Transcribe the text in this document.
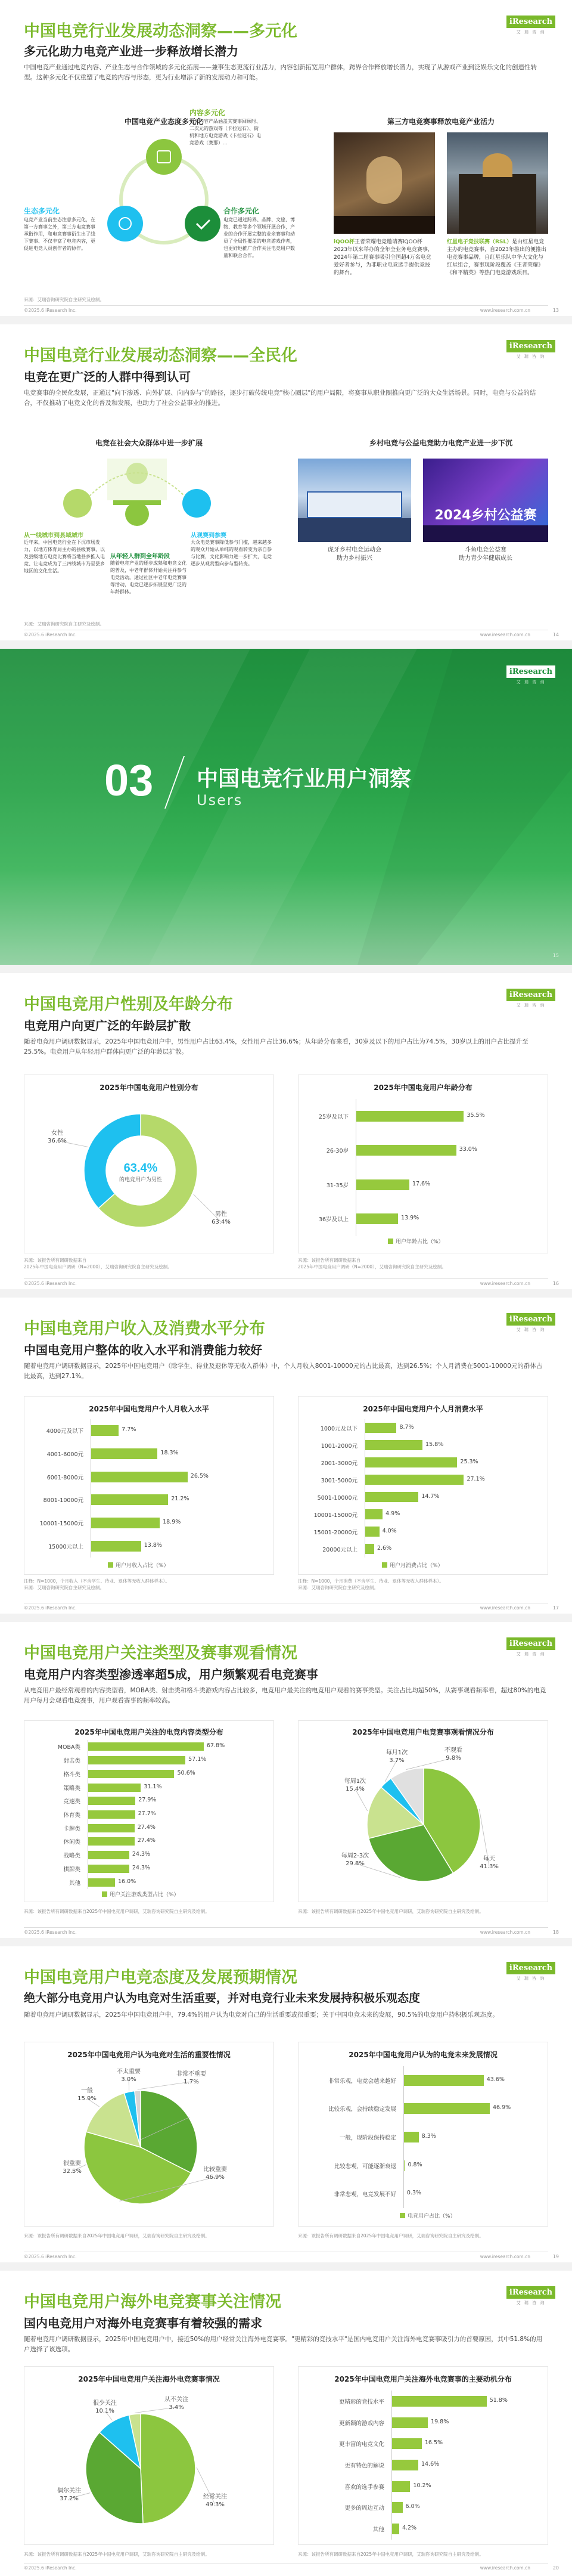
中国电竞行业发展动态洞察——多元化
多元化助力电竞产业进一步释放增长潜力
中国电竞产业通过电竞内容、产业生态与合作领域的多元化拓展——兼事生态更流行业活力，内容创新拓宽用户群体，跨界合作释放增长潜力，实现了从游戏产业到泛娱乐文化的创造性转型。这种多元化不仅重塑了电竞的内容与形态，更为行业增添了新的发展动力和可能。
iResearch
艾 瑞 咨 询
中国电竞产业态度多元化
内容多元化
电竞内容产品涵盖其赛事回顾时、二次元的游戏等（卡拉冠石）、街机和地方电竞游戏《卡拉冠石》电竞游戏（赛那）...
生态多元化
电竞产业当前生态注意多元化，在第一方赛事之外，第三方电竞赛事承衔作用，和电竞赛事衍生出了线下赛事、不仅丰富了电竞内容，更促进电竞人员创作者的协作。
合作多元化
电竞已通过跨界、品牌、文旅、博物、教育等多个领域开展合作，产业的合作开展完整的业余赛事和动员了全局性覆盖的电竞游戏作者，也更好地推广合作关注电竞用户数量和联合合作。
第三方电竞赛事释放电竞产业活力
iQOO杯王者荣耀电竞邀请赛iQOO杯2023年以来举办的全年全业务电竞赛事，2024年第二届赛事吸引全国超4万名电竞爱好者参与，为非职业电竞选手提供竞技的舞台。
红星电子竞技联赛（RSL）是由红星电竞主办的电竞赛事，自2023年推出的便推出电竞赛事品牌，自红星乐队中华大文化与红星组合，赛事现阶段覆盖《王者荣耀》《和平精英》等热门电竞游戏项目。
来源：艾瑞咨询研究院自主研究及绘制。
©2025.6 iResearch Inc.	www.iresearch.com.cn	13
中国电竞行业发展动态洞察——全民化
电竞在更广泛的人群中得到认可
电竞赛事的全民化发展，正通过"向下渗透、向外扩展、向内参与"的路径，逐步打破传统电竞"核心圈层"的用户局限，将赛事从职业圈推向更广泛的大众生活场景。同时，电竞与公益的结合，不仅推动了电竞文化的普及和发展，也助力了社会公益事业的推进。
iResearch
艾 瑞 咨 询
电竞在社会大众群体中进一步扩展
从一线城市到县域城市
近年来，中国电竞行业在下沉市场发力，以地方体育局主办的县级赛事，以及县级地方电竞比赛将当地县乡推入电竞、让电竞成为了三四线城市乃至县乡地区的文化生活。
从年轻人群到全年龄段
随着电竞产业的逐步成熟和电竞文化的普及，中老年群体开始关注并参与电竞活动。通过社区中老年电竞赛事等活动，电竞已逐步拓展至更广泛的年龄群体。
从观赛到参赛
大众电竞赛事降低参与门槛，越来越多的观众开始从单纯的观看转变为亲自参与比赛，文化影响力进一步扩大，电竞逐步从观赏型向参与型转变。
乡村电竞与公益电竞助力电竞产业进一步下沉
2024乡村公益赛
虎牙乡村电竞运动会
助力乡村振兴
斗鱼电竞公益赛
助力青少年健康成长
来源：艾瑞咨询研究院自主研究及绘制。
©2025.6 iResearch Inc.	www.iresearch.com.cn	14
iResearch
艾 瑞 咨 询
03 中国电竞行业用户洞察
Users
15
中国电竞用户性别及年龄分布
电竞用户向更广泛的年龄层扩散
随着电竞用户调研数据显示，2025年中国电竞用户中，男性用户占比63.4%，女性用户占比36.6%；从年龄分布来看，30岁及以下的用户占比为74.5%，30岁以上的用户占比提升至25.5%。电竞用户从年轻用户群体向更广泛的年龄层扩散。
iResearch
艾 瑞 咨 询
2025年中国电竞用户性别分布
男性
63.4%
女性
36.6%
63.4%
的电竞用户为男性
2025年中国电竞用户年龄分布
25岁及以下	35.5%
26-30岁	33.0%
31-35岁	17.6%
36岁及以上	13.9%
用户年龄占比（%）
来源：该报告所有调研数据来自
2025年中国电竞用户调研（N=2000），艾瑞咨询研究院自主研究及绘制。
来源：该报告所有调研数据来自
2025年中国电竞用户调研（N=2000），艾瑞咨询研究院自主研究及绘制。
©2025.6 iResearch Inc.	www.iresearch.com.cn	16
中国电竞用户收入及消费水平分布
中国电竞用户整体的收入水平和消费能力较好
随着电竞用户调研数据显示，2025年中国电竞用户（除学生、待业及退休等无收入群体）中，个人月收入8001-10000元的占比最高，达到26.5%；个人月消费在5001-10000元的群体占比最高，达到27.1%。
iResearch
艾 瑞 咨 询
2025年中国电竞用户个人月收入水平
4000元及以下	7.7%
4001-6000元	18.3%
6001-8000元	26.5%
8001-10000元	21.2%
10001-15000元	18.9%
15000元以上	13.8%
用户月收入占比（%）
2025年中国电竞用户个人月消费水平
1000元及以下	8.7%
1001-2000元	15.8%
2001-3000元	25.3%
3001-5000元	27.1%
5001-10000元	14.7%
10001-15000元	4.9%
15001-20000元	4.0%
20000元以上	2.6%
用户月消费占比（%）
注释：N=1000，个月收入（不含学生、待业、退休等无收入群体样本）。
来源：艾瑞咨询研究院自主研究及绘制。
注释：N=1000，个月消费（不含学生、待业、退休等无收入群体样本）。
来源：艾瑞咨询研究院自主研究及绘制。
©2025.6 iResearch Inc.	www.iresearch.com.cn	17
中国电竞用户关注类型及赛事观看情况
电竞用户内容类型渗透率超5成，用户频繁观看电竞赛事
从电竞用户最经常观看的内容类型看，MOBA类、射击类和格斗类游戏内容占比较多，电竞用户最关注的电竞用户观看的赛事类型。关注占比均超50%，从赛事观看频率看，超过80%的电竞用户每月会观看电竞赛事，用户观看赛事的频率较高。
iResearch
艾 瑞 咨 询
2025年中国电竞用户关注的电竞内容类型分布
MOBA类	67.8%
射击类	57.1%
格斗类	50.6%
策略类	31.1%
竞速类	27.9%
体育类	27.7%
卡牌类	27.4%
休闲类	27.4%
战略类	24.3%
棋牌类	24.3%
其他	16.0%
用户关注游戏类型占比（%）
2025年中国电竞用户电竞赛事观看情况分布
每天
41.3%
每周2-3次
29.8%
每周1次
15.4%
每月1次
3.7%
不观看
9.8%
来源：该报告所有调研数据来自2025年中国电竞用户调研，艾瑞咨询研究院自主研究及绘制。	来源：该报告所有调研数据来自2025年中国电竞用户调研，艾瑞咨询研究院自主研究及绘制。
©2025.6 iResearch Inc.	www.iresearch.com.cn	18
中国电竞用户电竞态度及发展预期情况
绝大部分电竞用户认为电竞对生活重要，并对电竞行业未来发展持积极乐观态度
随着电竞用户调研数据显示，2025年中国电竞用户中，79.4%的用户认为电竞对自己的生活重要或很重要；关于中国电竞未来的发展，90.5%的电竞用户持积极乐观态度。
iResearch
艾 瑞 咨 询
2025年中国电竞用户认为电竞对生活的重要性情况
很重要
32.5%	比较重要
46.9%
一般
15.9%
不太重要
3.0%
非常不重要
1.7%
2025年中国电竞用户认为的电竞未来发展情况
非常乐观，电竞会越来越好	43.6%
比较乐观，会持续稳定发展	46.9%
一般，现阶段保持稳定	8.3%
比较悲观，可能逐渐衰退 0.8%
非常悲观，电竞发展不好 0.3%
电竞用户占比（%）
来源：该报告所有调研数据来自2025年中国电竞用户调研，艾瑞咨询研究院自主研究及绘制。	来源：该报告所有调研数据来自2025年中国电竞用户调研，艾瑞咨询研究院自主研究及绘制。
©2025.6 iResearch Inc.	www.iresearch.com.cn	19
中国电竞用户海外电竞赛事关注情况
国内电竞用户对海外电竞赛事有着较强的需求
随着电竞用户调研数据显示，2025年中国电竞用户中，接近50%的用户经常关注海外电竞赛事。"更精彩的竞技水平"是国内电竞用户关注海外电竞赛事吸引力的首要原因，其中51.8%的用户选择了该选项。
iResearch
艾 瑞 咨 询
2025年中国电竞用户关注海外电竞赛事情况
经常关注
49.3%
偶尔关注
37.2%
很少关注
10.1%
从不关注
3.4%
2025年中国电竞用户关注海外电竞赛事的主要动机分布
更精彩的竞技水平	51.8%
更新颖的游戏内容	19.8%
更丰富的电竞文化	16.5%
更有特色的解说	14.6%
喜欢的选手参赛	10.2%
更多的周边互动	6.0%
其他	4.2%
来源：该报告所有调研数据来自2025年中国电竞用户调研，艾瑞咨询研究院自主研究及绘制。	来源：该报告所有调研数据来自2025年中国电竞用户调研，艾瑞咨询研究院自主研究及绘制。
©2025.6 iResearch Inc.	www.iresearch.com.cn	20
